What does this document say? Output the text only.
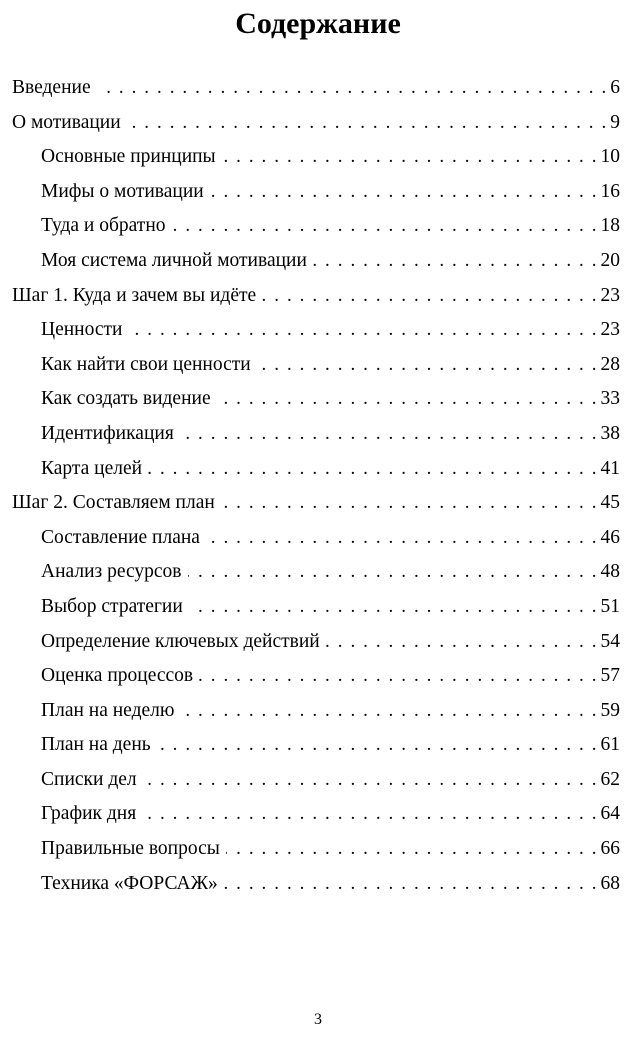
Содержание
Введение . . .	6
О мотивации . . .	9
Основные принципы . . .	10
Мифы о мотивации . . .	16
Туда и обратно . . .	18
Моя система личной мотивации . . .	20
Шаг 1. Куда и зачем вы идёте . . .	23
Ценности . . .	23
Как найти свои ценности . . .	28
Как создать видение . . .	33
Идентификация . . .	38
Карта целей . . .	41
Шаг 2. Составляем план . . .	45
Составление плана . . .	46
Анализ ресурсов . . .	48
Выбор стратегии . . .	51
Определение ключевых действий . . .	54
Оценка процессов . . .	57
План на неделю . . .	59
План на день . . .	61
Списки дел . . .	62
График дня . . .	64
Правильные вопросы . . .	66
Техника «ФОРСАЖ» . . .	68
3
